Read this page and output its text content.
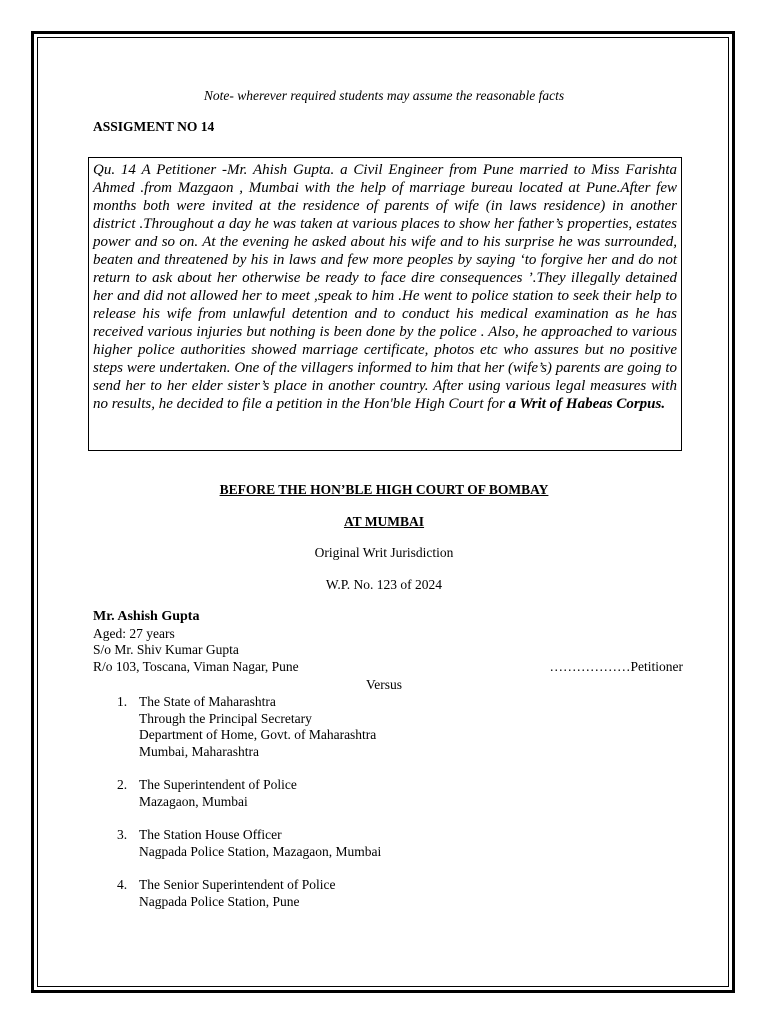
Note- wherever required students may assume the reasonable facts
ASSIGMENT NO 14
Qu. 14 A Petitioner -Mr. Ahish Gupta. a Civil Engineer from Pune married to Miss Farishta Ahmed .from Mazgaon , Mumbai with the help of marriage bureau located at Pune.After few months both were invited at the residence of parents of wife (in laws residence) in another district .Throughout a day he was taken at various places to show her father’s properties, estates power and so on. At the evening he asked about his wife and to his surprise he was surrounded, beaten and threatened by his in laws and few more peoples by saying ‘to forgive her and do not return to ask about her otherwise be ready to face dire consequences ’.They illegally detained her and did not allowed her to meet ,speak to him .He went to police station to seek their help to release his wife from unlawful detention and to conduct his medical examination as he has received various injuries but nothing is been done by the police . Also, he approached to various higher police authorities showed marriage certificate, photos etc who assures but no positive steps were undertaken. One of the villagers informed to him that her (wife’s) parents are going to send her to her elder sister’s place in another country. After using various legal measures with no results, he decided to file a petition in the Hon'ble High Court for a Writ of Habeas Corpus.
BEFORE THE HON’BLE HIGH COURT OF BOMBAY
AT MUMBAI
Original Writ Jurisdiction
W.P. No. 123 of 2024
Mr. Ashish Gupta
Aged: 27 years
S/o Mr. Shiv Kumar Gupta
R/o 103, Toscana, Viman Nagar, Pune	………………Petitioner
Versus
1. The State of Maharashtra
Through the Principal Secretary
Department of Home, Govt. of Maharashtra
Mumbai, Maharashtra
2. The Superintendent of Police
Mazagaon, Mumbai
3. The Station House Officer
Nagpada Police Station, Mazagaon, Mumbai
4. The Senior Superintendent of Police
Nagpada Police Station, Pune
